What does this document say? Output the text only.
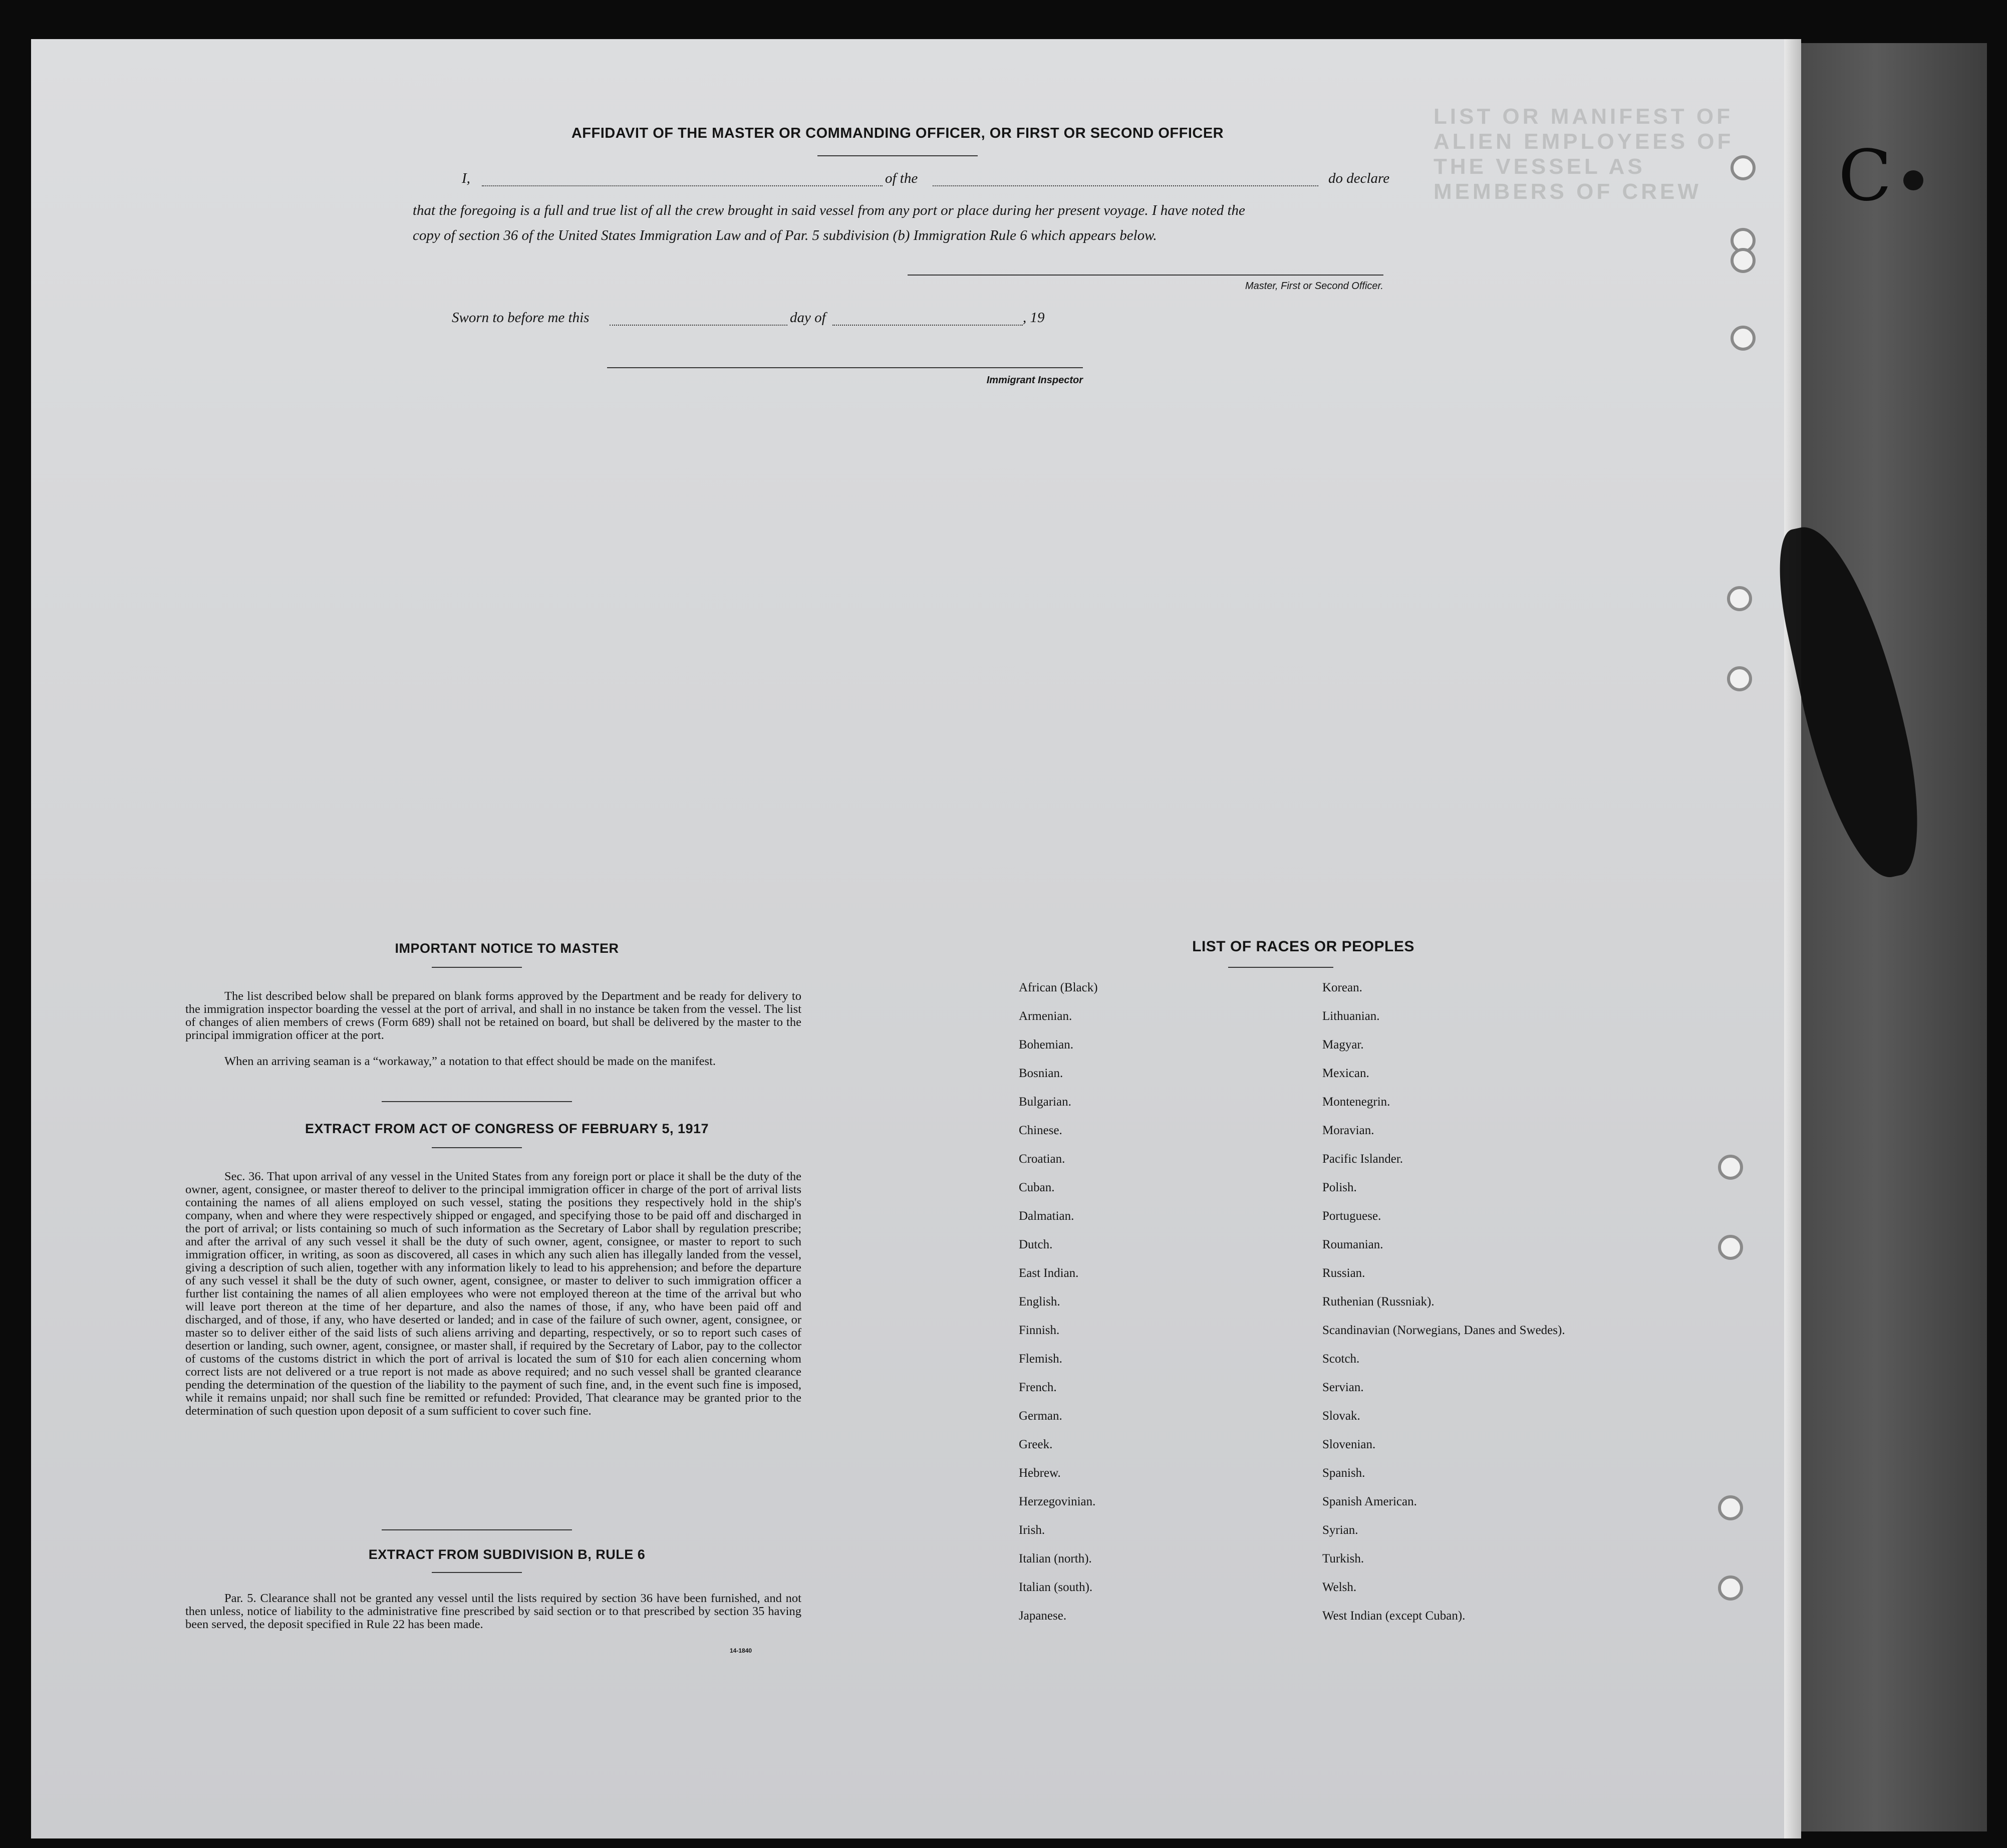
LIST OR MANIFEST OF ALIEN EMPLOYEES OF THE VESSEL AS MEMBERS OF CREW
AFFIDAVIT OF THE MASTER OR COMMANDING OFFICER, OR FIRST OR SECOND OFFICER
I,	of the	do declare
that the foregoing is a full and true list of all the crew brought in said vessel from any port or place during her present voyage. I have noted the
copy of section 36 of the United States Immigration Law and of Par. 5 subdivision (b) Immigration Rule 6 which appears below.
Master, First or Second Officer.
Sworn to before me this	day of	, 19
Immigrant Inspector
IMPORTANT NOTICE TO MASTER
The list described below shall be prepared on blank forms approved by the Department and be ready for delivery to the immigration inspector boarding the vessel at the port of arrival, and shall in no instance be taken from the vessel. The list of changes of alien members of crews (Form 689) shall not be retained on board, but shall be delivered by the master to the principal immigration officer at the port.
When an arriving seaman is a “workaway,” a notation to that effect should be made on the manifest.
EXTRACT FROM ACT OF CONGRESS OF FEBRUARY 5, 1917
Sec. 36. That upon arrival of any vessel in the United States from any foreign port or place it shall be the duty of the owner, agent, consignee, or master thereof to deliver to the principal immigration officer in charge of the port of arrival lists containing the names of all aliens employed on such vessel, stating the positions they respectively hold in the ship's company, when and where they were respectively shipped or engaged, and specifying those to be paid off and discharged in the port of arrival; or lists containing so much of such information as the Secretary of Labor shall by regulation prescribe; and after the arrival of any such vessel it shall be the duty of such owner, agent, consignee, or master to report to such immigration officer, in writing, as soon as discovered, all cases in which any such alien has illegally landed from the vessel, giving a description of such alien, together with any information likely to lead to his apprehension; and before the departure of any such vessel it shall be the duty of such owner, agent, consignee, or master to deliver to such immigration officer a further list containing the names of all alien employees who were not employed thereon at the time of the arrival but who will leave port thereon at the time of her departure, and also the names of those, if any, who have been paid off and discharged, and of those, if any, who have deserted or landed; and in case of the failure of such owner, agent, consignee, or master so to deliver either of the said lists of such aliens arriving and departing, respectively, or so to report such cases of desertion or landing, such owner, agent, consignee, or master shall, if required by the Secretary of Labor, pay to the collector of customs of the customs district in which the port of arrival is located the sum of $10 for each alien concerning whom correct lists are not delivered or a true report is not made as above required; and no such vessel shall be granted clearance pending the determination of the question of the liability to the payment of such fine, and, in the event such fine is imposed, while it remains unpaid; nor shall such fine be remitted or refunded: Provided, That clearance may be granted prior to the determination of such question upon deposit of a sum sufficient to cover such fine.
EXTRACT FROM SUBDIVISION B, RULE 6
Par. 5. Clearance shall not be granted any vessel until the lists required by section 36 have been furnished, and not then unless, notice of liability to the administrative fine prescribed by said section or to that prescribed by section 35 having been served, the deposit specified in Rule 22 has been made.
14-1840
LIST OF RACES OR PEOPLES
African (Black)
Armenian.
Bohemian.
Bosnian.
Bulgarian.
Chinese.
Croatian.
Cuban.
Dalmatian.
Dutch.
East Indian.
English.
Finnish.
Flemish.
French.
German.
Greek.
Hebrew.
Herzegovinian.
Irish.
Italian (north).
Italian (south).
Japanese.
Korean.
Lithuanian.
Magyar.
Mexican.
Montenegrin.
Moravian.
Pacific Islander.
Polish.
Portuguese.
Roumanian.
Russian.
Ruthenian (Russniak).
Scandinavian (Norwegians, Danes and Swedes).
Scotch.
Servian.
Slovak.
Slovenian.
Spanish.
Spanish American.
Syrian.
Turkish.
Welsh.
West Indian (except Cuban).
C
